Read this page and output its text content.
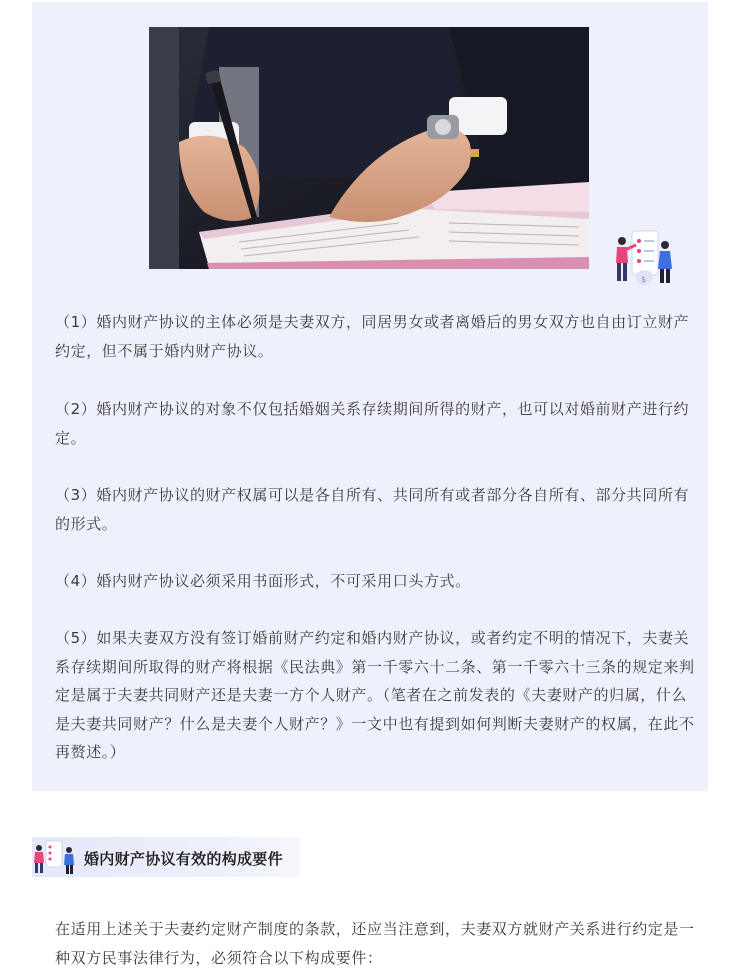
$
（1）婚内财产协议的主体必须是夫妻双方，同居男女或者离婚后的男女双方也自由订立财产约定，但不属于婚内财产协议。
（2）婚内财产协议的对象不仅包括婚姻关系存续期间所得的财产，也可以对婚前财产进行约定。
（3）婚内财产协议的财产权属可以是各自所有、共同所有或者部分各自所有、部分共同所有的形式。
（4）婚内财产协议必须采用书面形式，不可采用口头方式。
（5）如果夫妻双方没有签订婚前财产约定和婚内财产协议，或者约定不明的情况下，夫妻关系存续期间所取得的财产将根据《民法典》第一千零六十二条、第一千零六十三条的规定来判定是属于夫妻共同财产还是夫妻一方个人财产。（笔者在之前发表的《夫妻财产的归属，什么是夫妻共同财产？什么是夫妻个人财产？》一文中也有提到如何判断夫妻财产的权属，在此不再赘述。）
婚内财产协议有效的构成要件
在适用上述关于夫妻约定财产制度的条款，还应当注意到，夫妻双方就财产关系进行约定是一种双方民事法律行为，必须符合以下构成要件：
